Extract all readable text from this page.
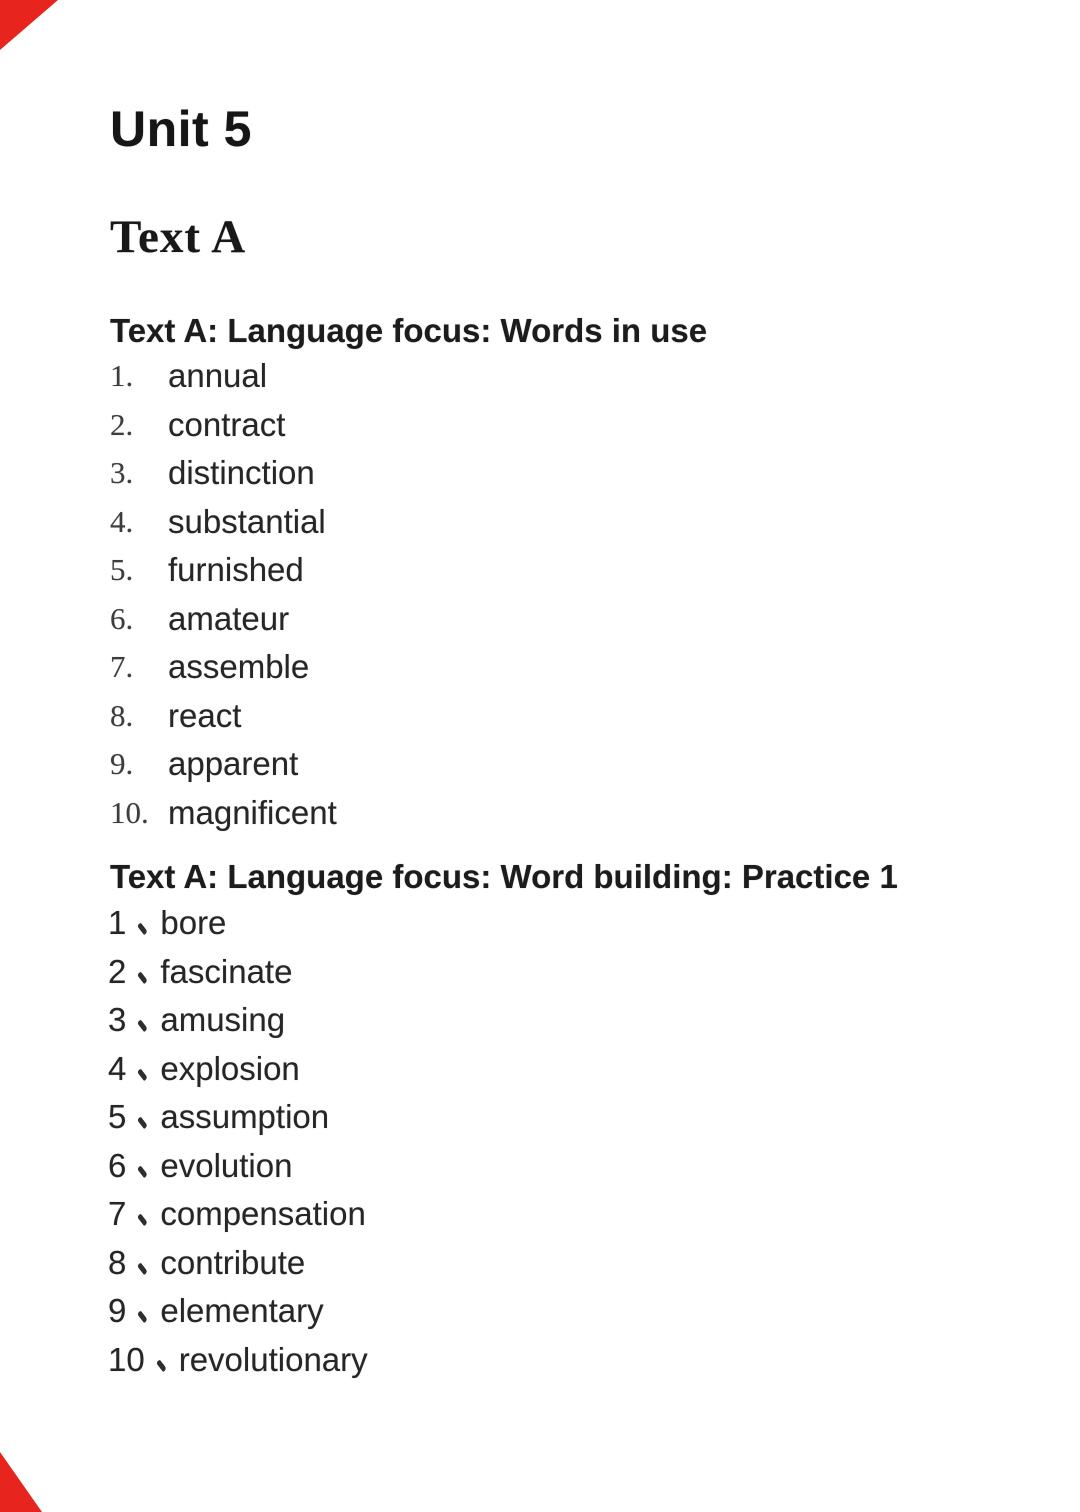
Unit 5
Text A
Text A: Language focus: Words in use
1.	annual
2.	contract
3.	distinction
4.	substantial
5.	furnished
6.	amateur
7.	assemble
8.	react
9.	apparent
10. magnificent
Text A: Language focus: Word building: Practice 1
1 bore
2 fascinate
3 amusing
4 explosion
5 assumption
6 evolution
7 compensation
8 contribute
9 elementary
10 revolutionary
